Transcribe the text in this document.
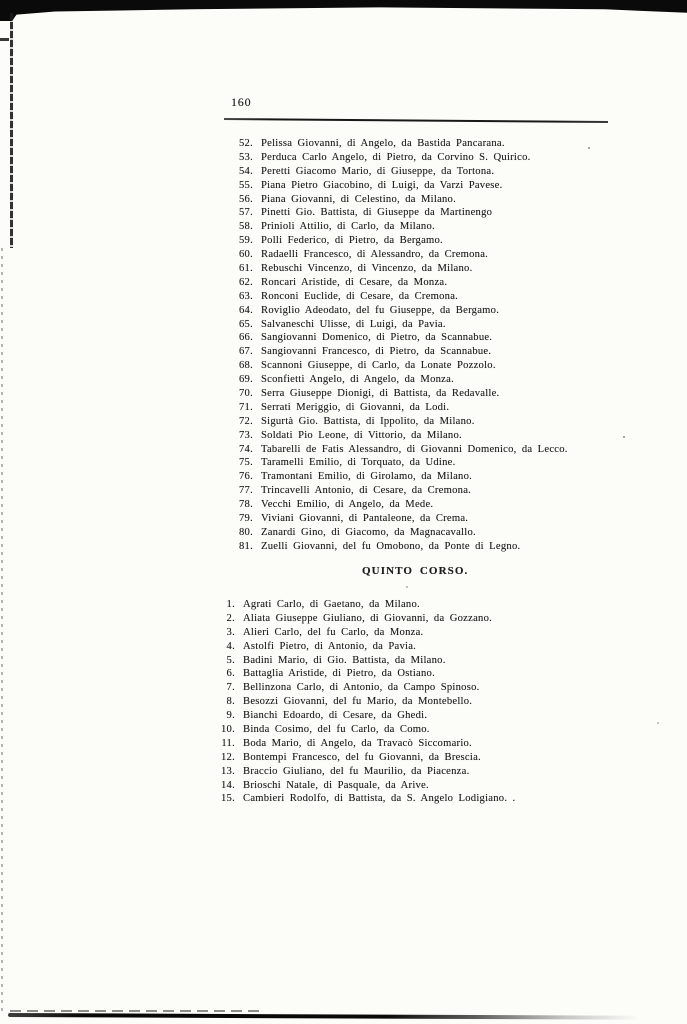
160
52. Pelissa Giovanni, di Angelo, da Bastida Pancarana.
53. Perduca Carlo Angelo, di Pietro, da Corvino S. Quirico.
54. Peretti Giacomo Mario, di Giuseppe, da Tortona.
55. Piana Pietro Giacobino, di Luigi, da Varzi Pavese.
56. Piana Giovanni, di Celestino, da Milano.
57. Pinetti Gio. Battista, di Giuseppe da Martinengo
58. Prinioli Attilio, di Carlo, da Milano.
59. Polli Federico, di Pietro, da Bergamo.
60. Radaelli Francesco, di Alessandro, da Cremona.
61. Rebuschi Vincenzo, di Vincenzo, da Milano.
62. Roncari Aristide, di Cesare, da Monza.
63. Ronconi Euclide, di Cesare, da Cremona.
64. Roviglio Adeodato, del fu Giuseppe, da Bergamo.
65. Salvaneschi Ulisse, di Luigi, da Pavia.
66. Sangiovanni Domenico, di Pietro, da Scannabue.
67. Sangiovanni Francesco, di Pietro, da Scannabue.
68. Scannoni Giuseppe, di Carlo, da Lonate Pozzolo.
69. Sconfietti Angelo, di Angelo, da Monza.
70. Serra Giuseppe Dionigi, di Battista, da Redavalle.
71. Serrati Meriggio, di Giovanni, da Lodi.
72. Sigurtà Gio. Battista, di Ippolito, da Milano.
73. Soldati Pio Leone, di Vittorio, da Milano.
74. Tabarelli de Fatis Alessandro, di Giovanni Domenico, da Lecco.
75. Taramelli Emilio, di Torquato, da Udine.
76. Tramontani Emilio, di Girolamo, da Milano.
77. Trincavelli Antonio, di Cesare, da Cremona.
78. Vecchi Emilio, di Angelo, da Mede.
79. Viviani Giovanni, di Pantaleone, da Crema.
80. Zanardi Gino, di Giacomo, da Magnacavallo.
81. Zuelli Giovanni, del fu Omobono, da Ponte di Legno.
QUINTO CORSO.
1. Agrati Carlo, di Gaetano, da Milano.
2. Aliata Giuseppe Giuliano, di Giovanni, da Gozzano.
3. Alieri Carlo, del fu Carlo, da Monza.
4. Astolfi Pietro, di Antonio, da Pavia.
5. Badini Mario, di Gio. Battista, da Milano.
6. Battaglia Aristide, di Pietro, da Ostiano.
7. Bellinzona Carlo, di Antonio, da Campo Spinoso.
8. Besozzi Giovanni, del fu Mario, da Montebello.
9. Bianchi Edoardo, di Cesare, da Ghedi.
10. Binda Cosimo, del fu Carlo, da Como.
11. Boda Mario, di Angelo, da Travacò Siccomario.
12. Bontempi Francesco, del fu Giovanni, da Brescia.
13. Braccio Giuliano, del fu Maurilio, da Piacenza.
14. Brioschi Natale, di Pasquale, da Arive.
15. Cambieri Rodolfo, di Battista, da S. Angelo Lodigiano. .
